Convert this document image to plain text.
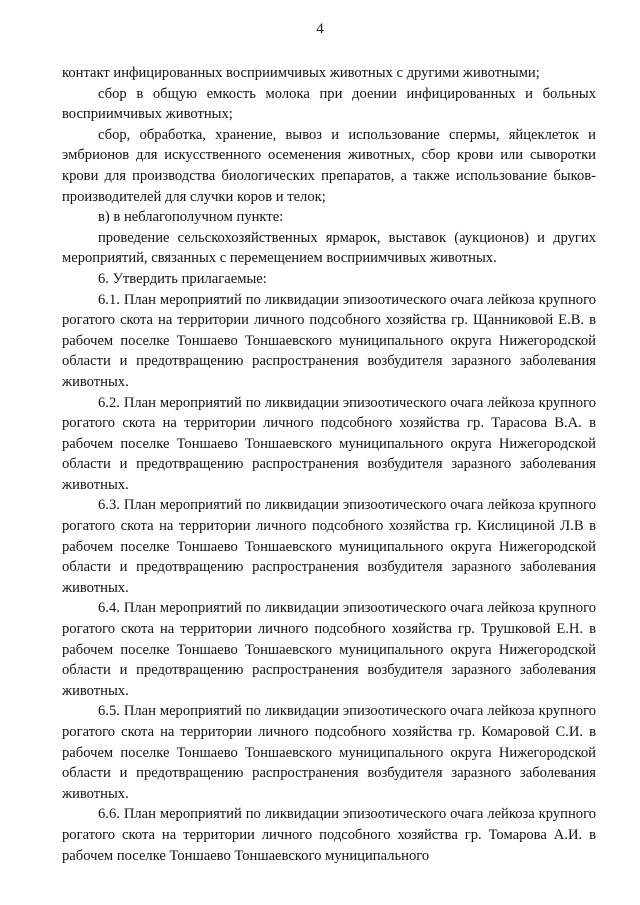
4

контакт инфицированных восприимчивых животных с другими животными;

сбор в общую емкость молока при доении инфицированных и больных восприимчивых животных;

сбор, обработка, хранение, вывоз и использование спермы, яйцеклеток и эмбрионов для искусственного осеменения животных, сбор крови или сыворотки крови для производства биологических препаратов, а также использование быков-производителей для случки коров и телок;

в) в неблагополучном пункте:

проведение сельскохозяйственных ярмарок, выставок (аукционов) и других мероприятий, связанных с перемещением восприимчивых животных.

6. Утвердить прилагаемые:

6.1. План мероприятий по ликвидации эпизоотического очага лейкоза крупного рогатого скота на территории личного подсобного хозяйства гр. Щанниковой Е.В. в рабочем поселке Тоншаево Тоншаевского муниципального округа Нижегородской области и предотвращению распространения возбудителя заразного заболевания животных.

6.2. План мероприятий по ликвидации эпизоотического очага лейкоза крупного рогатого скота на территории личного подсобного хозяйства гр. Тарасова В.А. в рабочем поселке Тоншаево Тоншаевского муниципального округа Нижегородской области и предотвращению распространения возбудителя заразного заболевания животных.

6.3. План мероприятий по ликвидации эпизоотического очага лейкоза крупного рогатого скота на территории личного подсобного хозяйства гр. Кислициной Л.В в рабочем поселке Тоншаево Тоншаевского муниципального округа Нижегородской области и предотвращению распространения возбудителя заразного заболевания животных.

6.4. План мероприятий по ликвидации эпизоотического очага лейкоза крупного рогатого скота на территории личного подсобного хозяйства гр. Трушковой Е.Н. в рабочем поселке Тоншаево Тоншаевского муниципального округа Нижегородской области и предотвращению распространения возбудителя заразного заболевания животных.

6.5. План мероприятий по ликвидации эпизоотического очага лейкоза крупного рогатого скота на территории личного подсобного хозяйства гр. Комаровой С.И. в рабочем поселке Тоншаево Тоншаевского муниципального округа Нижегородской области и предотвращению распространения возбудителя заразного заболевания животных.

6.6. План мероприятий по ликвидации эпизоотического очага лейкоза крупного рогатого скота на территории личного подсобного хозяйства гр. Томарова А.И. в рабочем поселке Тоншаево Тоншаевского муниципального
